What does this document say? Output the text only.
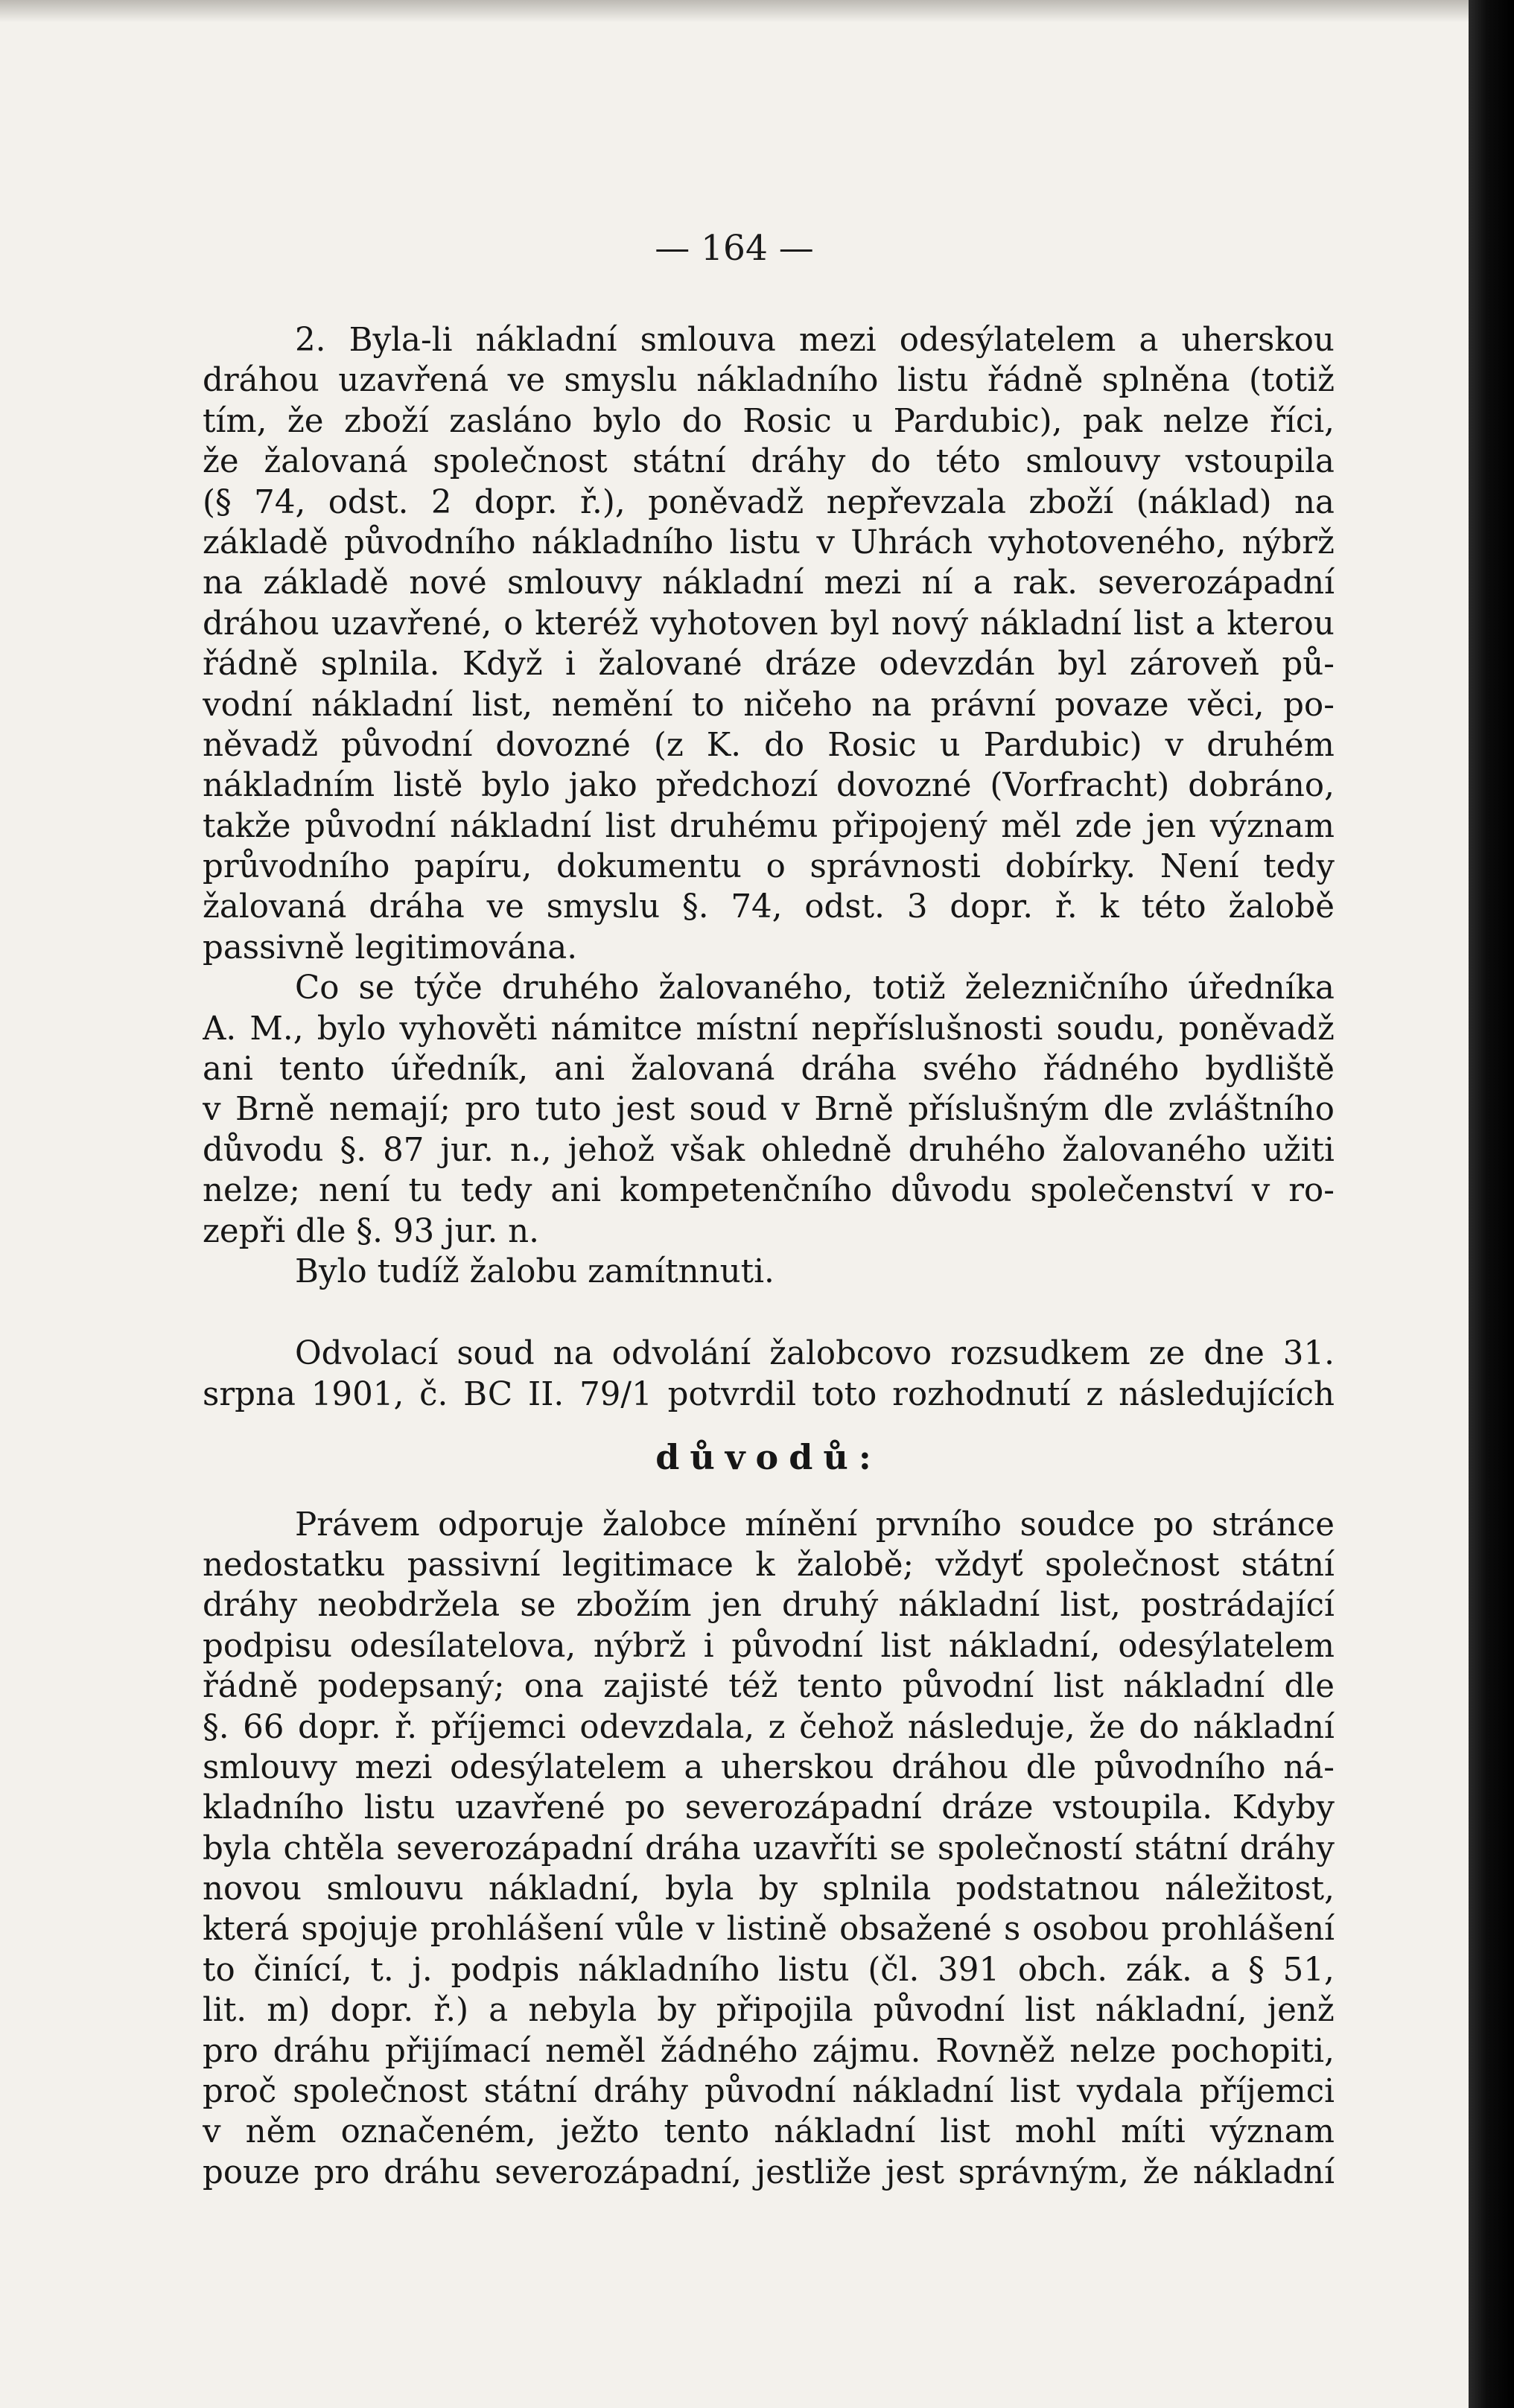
— 164 —
2. Byla-li nákladní smlouva mezi odesýlatelem a uherskou
dráhou uzavřená ve smyslu nákladního listu řádně splněna (totiž
tím, že zboží zasláno bylo do Rosic u Pardubic), pak nelze říci,
že žalovaná společnost státní dráhy do této smlouvy vstoupila
(§ 74, odst. 2 dopr. ř.), poněvadž nepřevzala zboží (náklad) na
základě původního nákladního listu v Uhrách vyhotoveného, nýbrž
na základě nové smlouvy nákladní mezi ní a rak. severozápadní
dráhou uzavřené, o kteréž vyhotoven byl nový nákladní list a kterou
řádně splnila. Když i žalované dráze odevzdán byl zároveň pů-
vodní nákladní list, nemění to ničeho na právní povaze věci, po-
něvadž původní dovozné (z K. do Rosic u Pardubic) v druhém
nákladním listě bylo jako předchozí dovozné (Vorfracht) dobráno,
takže původní nákladní list druhému připojený měl zde jen význam
průvodního papíru, dokumentu o správnosti dobírky. Není tedy
žalovaná dráha ve smyslu §. 74, odst. 3 dopr. ř. k této žalobě
passivně legitimována.
Co se týče druhého žalovaného, totiž železničního úředníka
A. M., bylo vyhověti námitce místní nepříslušnosti soudu, poněvadž
ani tento úředník, ani žalovaná dráha svého řádného bydliště
v Brně nemají; pro tuto jest soud v Brně příslušným dle zvláštního
důvodu §. 87 jur. n., jehož však ohledně druhého žalovaného užiti
nelze; není tu tedy ani kompetenčního důvodu společenství v ro-
zepři dle §. 93 jur. n.
Bylo tudíž žalobu zamítnnuti.
Odvolací soud na odvolání žalobcovo rozsudkem ze dne 31.
srpna 1901, č. BC II. 79/1 potvrdil toto rozhodnutí z následujících
důvodů:
Právem odporuje žalobce mínění prvního soudce po stránce
nedostatku passivní legitimace k žalobě; vždyť společnost státní
dráhy neobdržela se zbožím jen druhý nákladní list, postrádající
podpisu odesílatelova, nýbrž i původní list nákladní, odesýlatelem
řádně podepsaný; ona zajisté též tento původní list nákladní dle
§. 66 dopr. ř. příjemci odevzdala, z čehož následuje, že do nákladní
smlouvy mezi odesýlatelem a uherskou dráhou dle původního ná-
kladního listu uzavřené po severozápadní dráze vstoupila. Kdyby
byla chtěla severozápadní dráha uzavříti se společností státní dráhy
novou smlouvu nákladní, byla by splnila podstatnou náležitost,
která spojuje prohlášení vůle v listině obsažené s osobou prohlášení
to činící, t. j. podpis nákladního listu (čl. 391 obch. zák. a § 51,
lit. m) dopr. ř.) a nebyla by připojila původní list nákladní, jenž
pro dráhu přijímací neměl žádného zájmu. Rovněž nelze pochopiti,
proč společnost státní dráhy původní nákladní list vydala příjemci
v něm označeném, ježto tento nákladní list mohl míti význam
pouze pro dráhu severozápadní, jestliže jest správným, že nákladní
